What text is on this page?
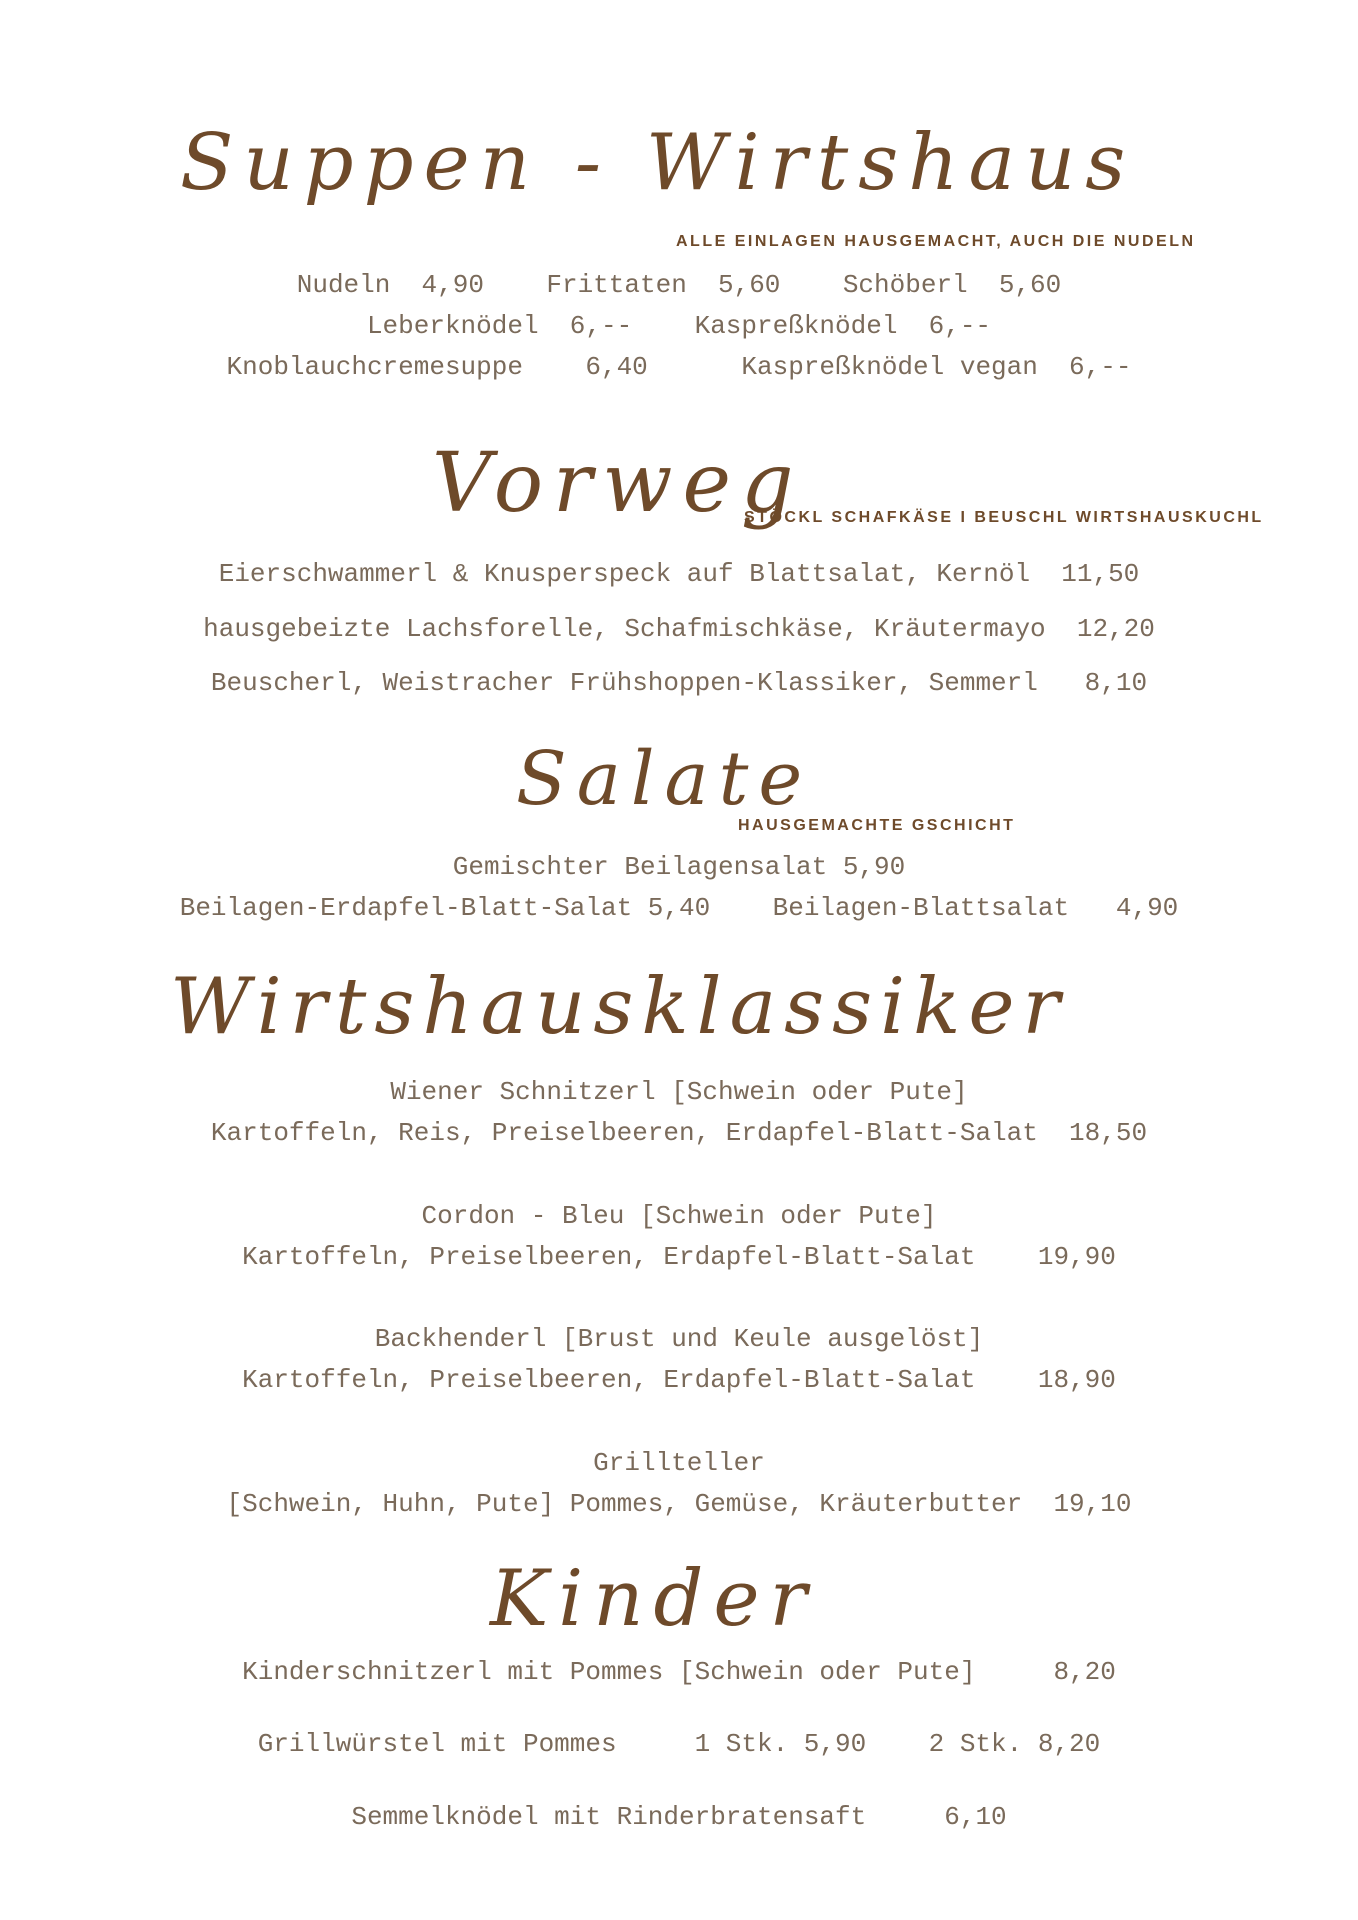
Suppen - Wirtshaus
ALLE EINLAGEN HAUSGEMACHT, AUCH DIE NUDELN
Nudeln  4,90    Frittaten  5,60    Schöberl  5,60
Leberknödel  6,--    Kaspreßknödel  6,--
Knoblauchcremesuppe    6,40      Kaspreßknödel vegan  6,--
Vorweg
STÖCKL SCHAFKÄSE I BEUSCHL WIRTSHAUSKUCHL
Eierschwammerl & Knusperspeck auf Blattsalat, Kernöl  11,50
hausgebeizte Lachsforelle, Schafmischkäse, Kräutermayo  12,20
Beuscherl, Weistracher Frühshoppen-Klassiker, Semmerl   8,10
Salate
HAUSGEMACHTE GSCHICHT
Gemischter Beilagensalat 5,90
Beilagen-Erdapfel-Blatt-Salat 5,40    Beilagen-Blattsalat   4,90
Wirtshausklassiker
Wiener Schnitzerl [Schwein oder Pute]
Kartoffeln, Reis, Preiselbeeren, Erdapfel-Blatt-Salat  18,50
Cordon - Bleu [Schwein oder Pute]
Kartoffeln, Preiselbeeren, Erdapfel-Blatt-Salat    19,90
Backhenderl [Brust und Keule ausgelöst]
Kartoffeln, Preiselbeeren, Erdapfel-Blatt-Salat    18,90
Grillteller
[Schwein, Huhn, Pute] Pommes, Gemüse, Kräuterbutter  19,10
Kinder
Kinderschnitzerl mit Pommes [Schwein oder Pute]     8,20
Grillwürstel mit Pommes     1 Stk. 5,90    2 Stk. 8,20
Semmelknödel mit Rinderbratensaft     6,10
